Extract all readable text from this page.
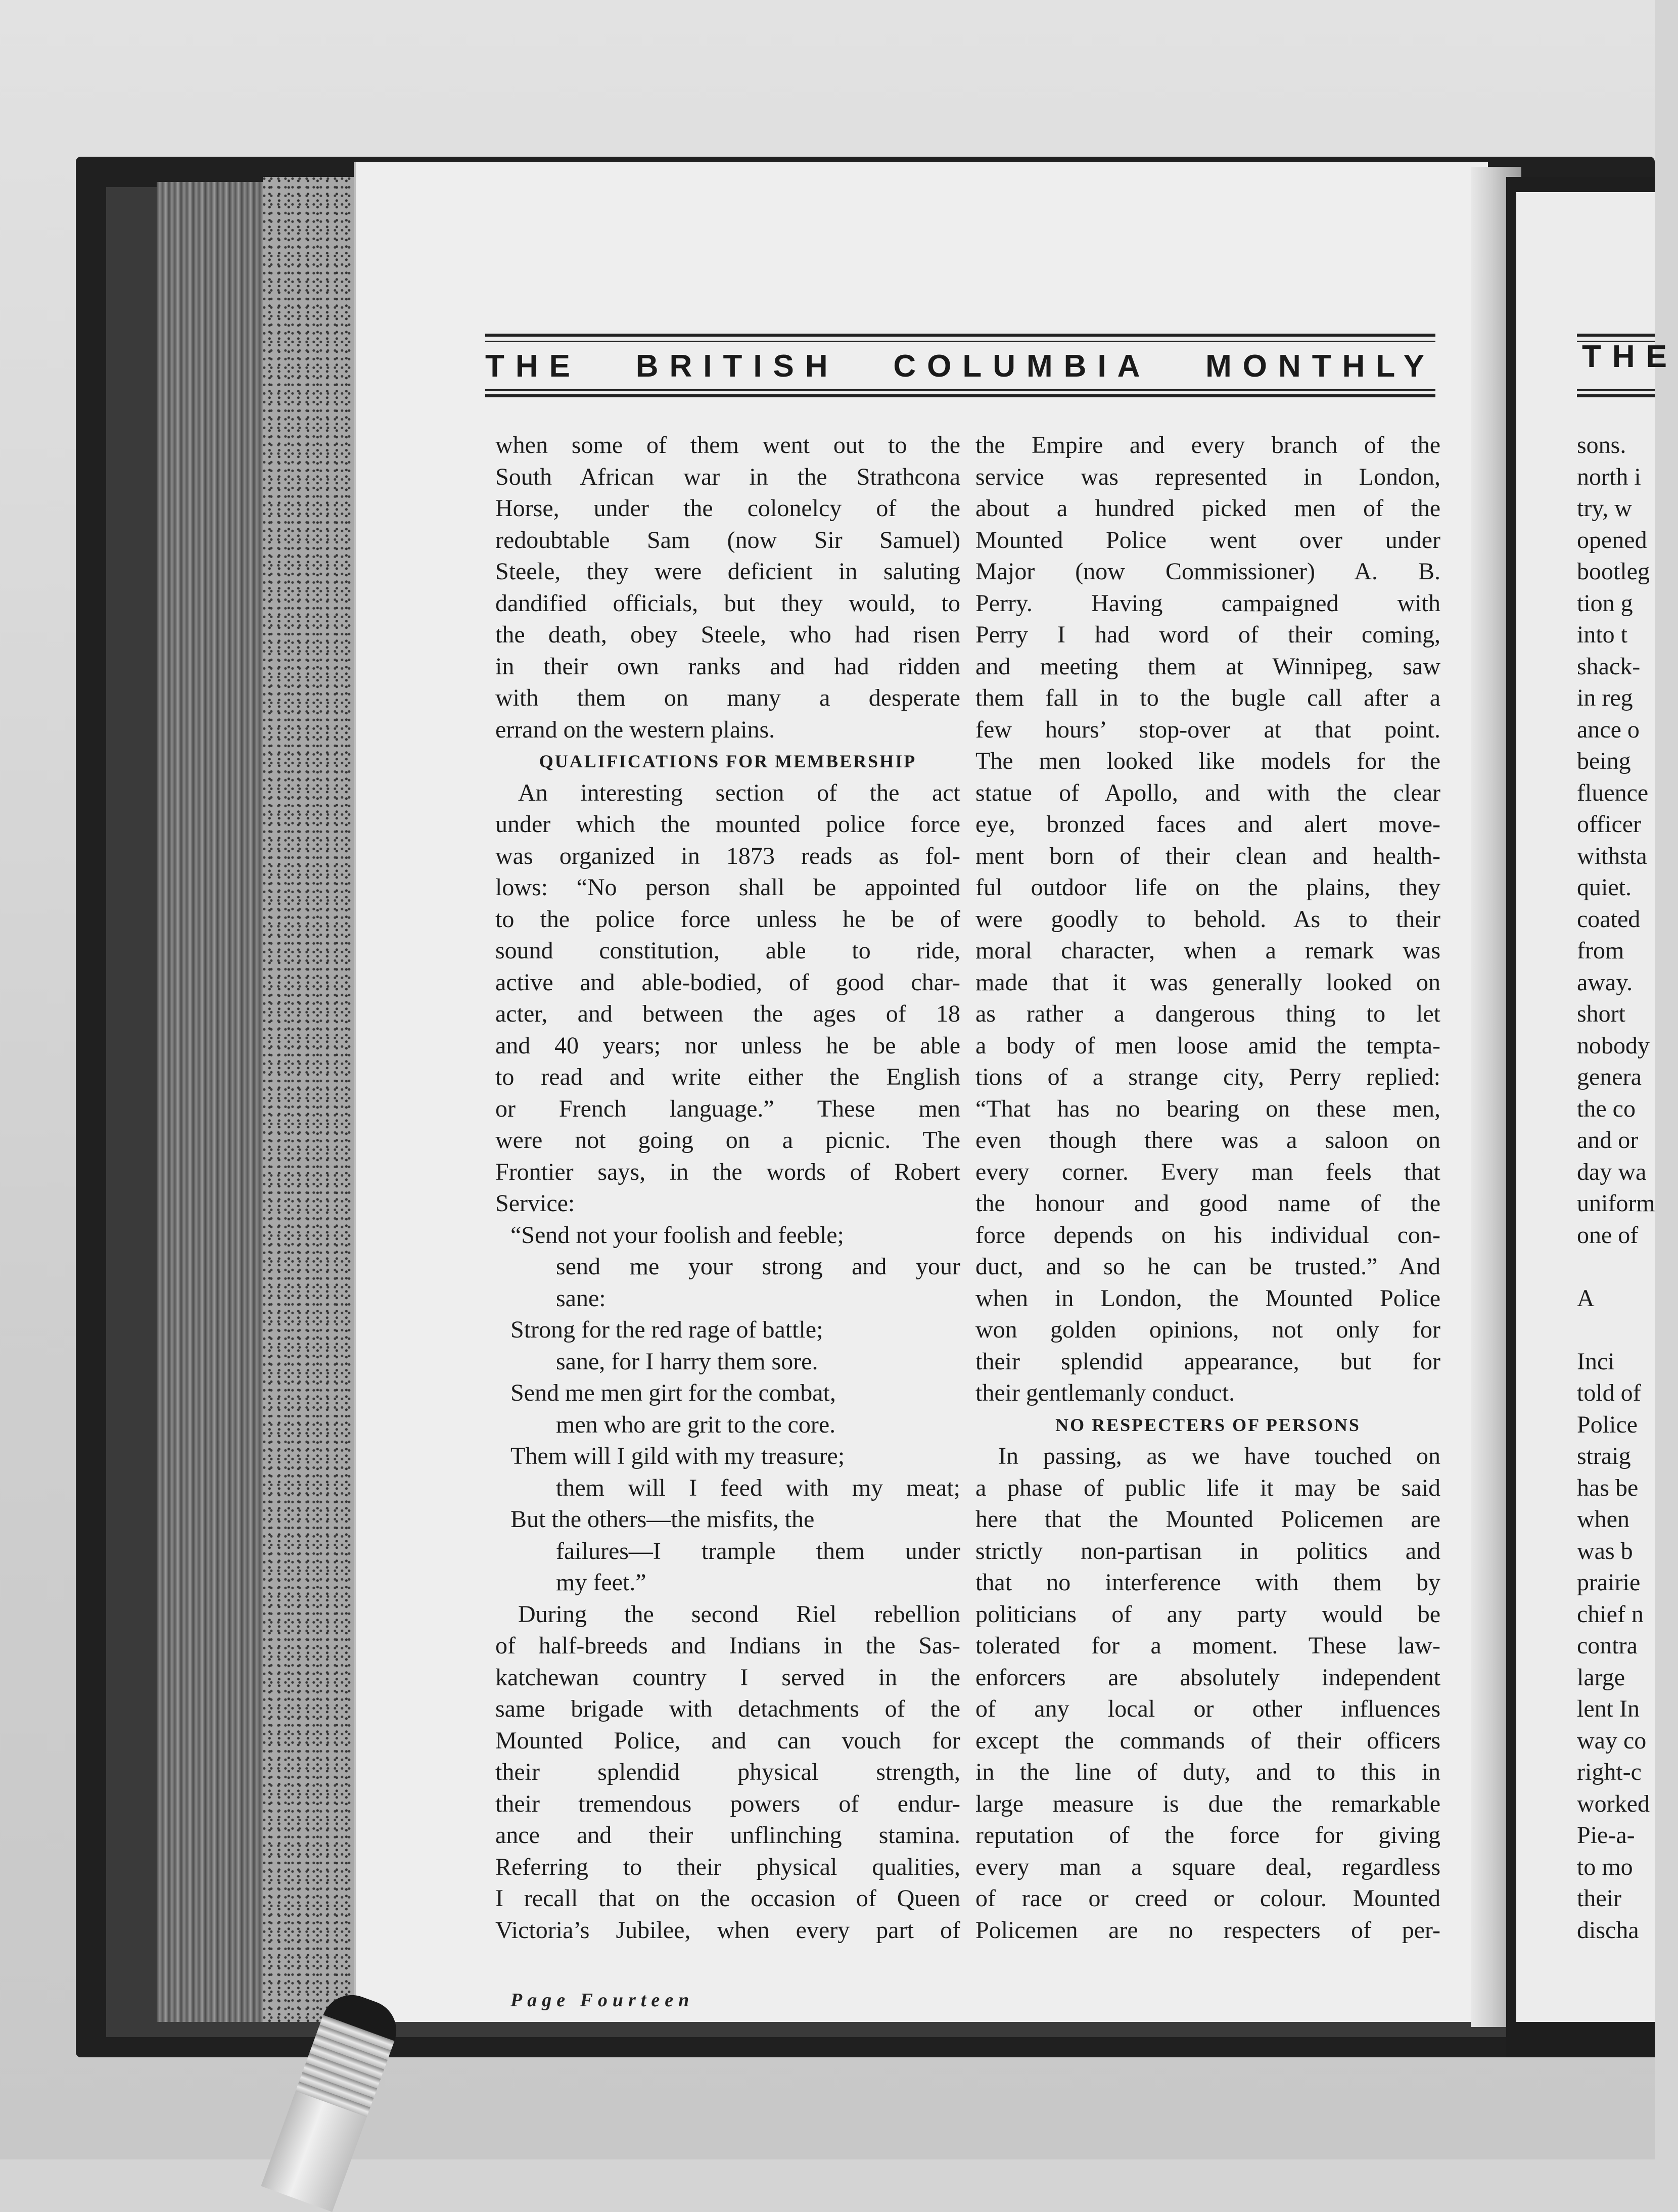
THE BRITISH COLUMBIA MONTHLY
when some of them went out to the
South African war in the Strathcona
Horse, under the colonelcy of the
redoubtable Sam (now Sir Samuel)
Steele, they were deficient in saluting
dandified officials, but they would, to
the death, obey Steele, who had risen
in their own ranks and had ridden
with them on many a desperate
errand on the western plains.
QUALIFICATIONS FOR MEMBERSHIP
An interesting section of the act
under which the mounted police force
was organized in 1873 reads as fol-
lows: “No person shall be appointed
to the police force unless he be of
sound constitution, able to ride,
active and able-bodied, of good char-
acter, and between the ages of 18
and 40 years; nor unless he be able
to read and write either the English
or French language.” These men
were not going on a picnic. The
Frontier says, in the words of Robert
Service:
“Send not your foolish and feeble;
send me your strong and your
sane:
Strong for the red rage of battle;
sane, for I harry them sore.
Send me men girt for the combat,
men who are grit to the core.
Them will I gild with my treasure;
them will I feed with my meat;
But the others—the misfits, the
failures—I trample them under
my feet.”
During the second Riel rebellion
of half-breeds and Indians in the Sas-
katchewan country I served in the
same brigade with detachments of the
Mounted Police, and can vouch for
their splendid physical strength,
their tremendous powers of endur-
ance and their unflinching stamina.
Referring to their physical qualities,
I recall that on the occasion of Queen
Victoria’s Jubilee, when every part of
the Empire and every branch of the
service was represented in London,
about a hundred picked men of the
Mounted Police went over under
Major (now Commissioner) A. B.
Perry. Having campaigned with
Perry I had word of their coming,
and meeting them at Winnipeg, saw
them fall in to the bugle call after a
few hours’ stop-over at that point.
The men looked like models for the
statue of Apollo, and with the clear
eye, bronzed faces and alert move-
ment born of their clean and health-
ful outdoor life on the plains, they
were goodly to behold. As to their
moral character, when a remark was
made that it was generally looked on
as rather a dangerous thing to let
a body of men loose amid the tempta-
tions of a strange city, Perry replied:
“That has no bearing on these men,
even though there was a saloon on
every corner. Every man feels that
the honour and good name of the
force depends on his individual con-
duct, and so he can be trusted.” And
when in London, the Mounted Police
won golden opinions, not only for
their splendid appearance, but for
their gentlemanly conduct.
NO RESPECTERS OF PERSONS
In passing, as we have touched on
a phase of public life it may be said
here that the Mounted Policemen are
strictly non-partisan in politics and
that no interference with them by
politicians of any party would be
tolerated for a moment. These law-
enforcers are absolutely independent
of any local or other influences
except the commands of their officers
in the line of duty, and to this in
large measure is due the remarkable
reputation of the force for giving
every man a square deal, regardless
of race or creed or colour. Mounted
Policemen are no respecters of per-
Page Fourteen
THE
sons.
north i
try, w
opened
bootleg
tion g
into t
shack-
in reg
ance o
being
fluence
officer
withsta
quiet.
coated
from
away.
short
nobody
genera
the co
and or
day wa
uniform
one of
A
Inci
told of
Police
straig
has be
when
was b
prairie
chief n
contra
large
lent In
way co
right-c
worked
Pie-a-
to mo
their
discha
